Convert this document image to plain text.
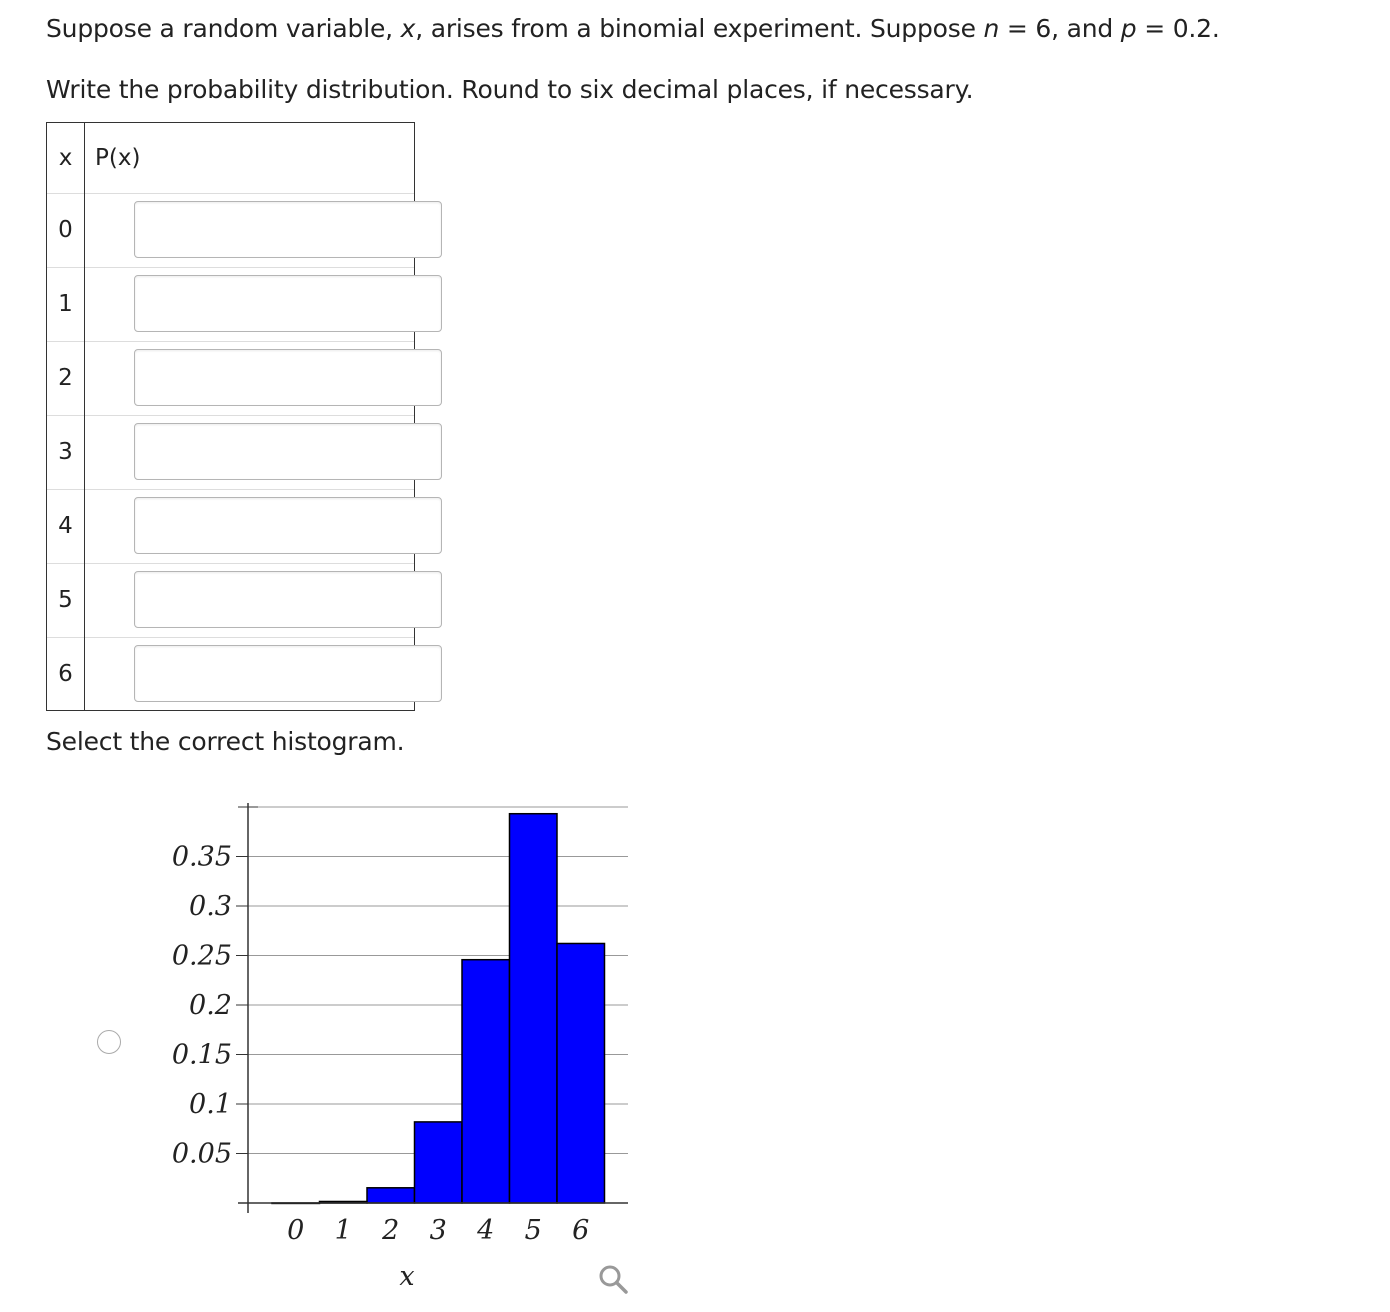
Suppose a random variable, x, arises from a binomial experiment. Suppose n = 6, and p = 0.2.
Write the probability distribution. Round to six decimal places, if necessary.
x P(x)
0
1
2
3
4
5
6
Select the correct histogram.
0.05
0.1
0.15
0.2
0.25
0.3
0.35
0 1 2 3 4 5 6
x
